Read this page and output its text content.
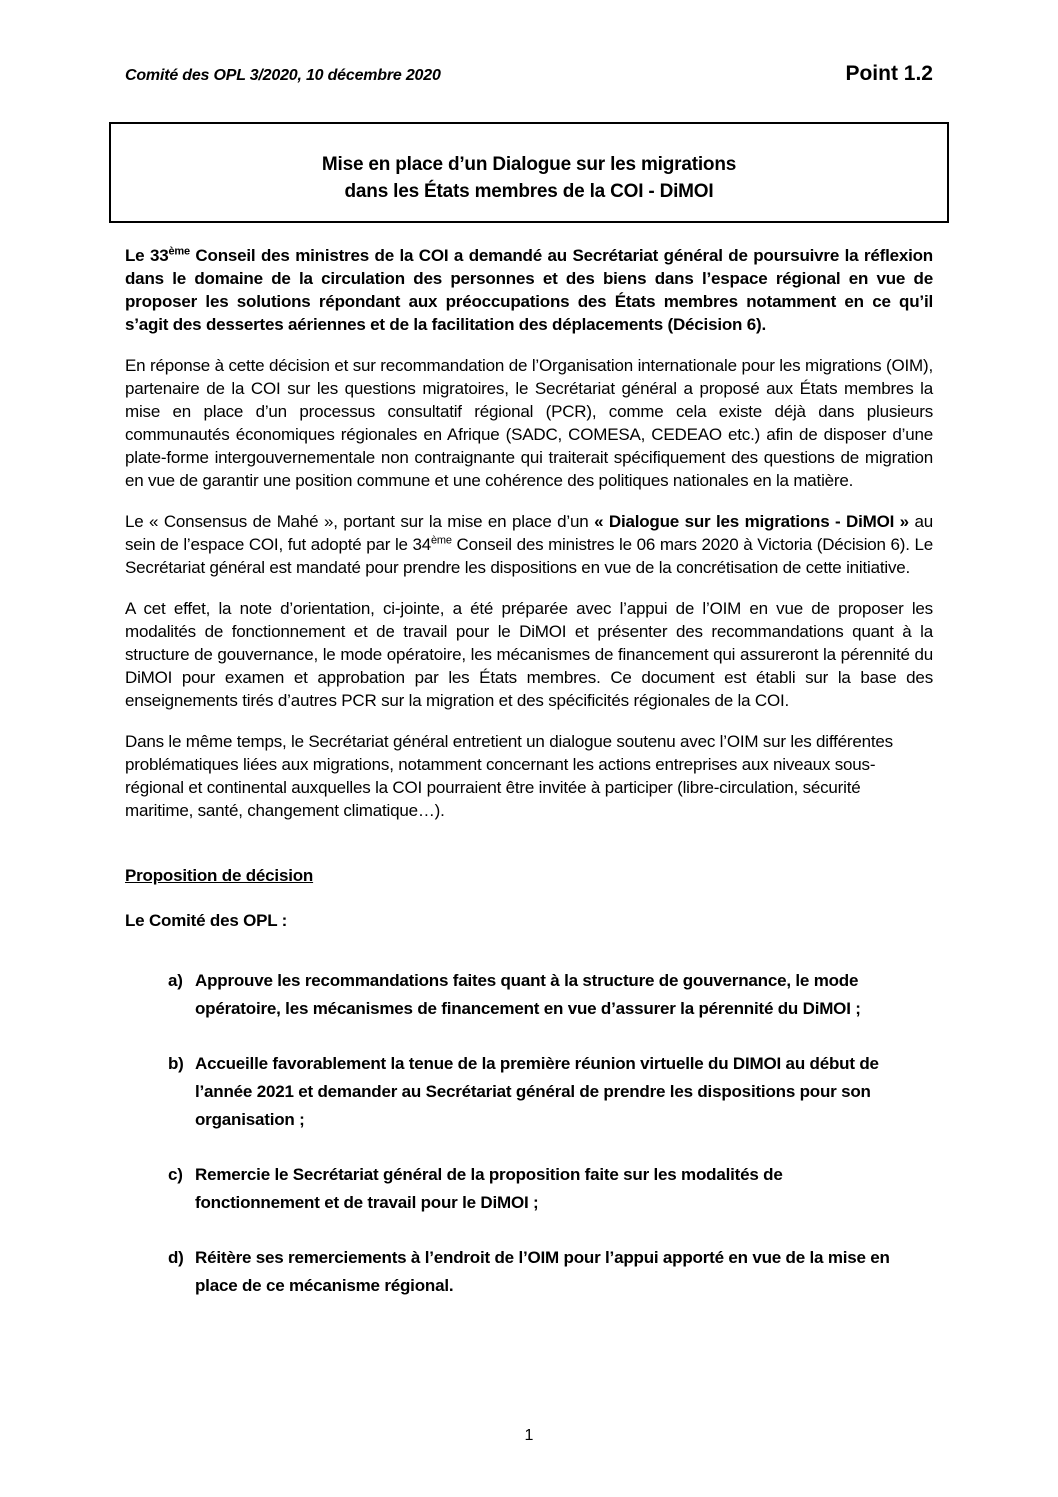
Comité des OPL 3/2020, 10 décembre 2020	Point 1.2
Mise en place d’un Dialogue sur les migrations
dans les États membres de la COI - DiMOI

Le 33ème Conseil des ministres de la COI a demandé au Secrétariat général de poursuivre la réflexion dans le domaine de la circulation des personnes et des biens dans l’espace régional en vue de proposer les solutions répondant aux préoccupations des États membres notamment en ce qu’il s’agit des dessertes aériennes et de la facilitation des déplacements (Décision 6).

En réponse à cette décision et sur recommandation de l’Organisation internationale pour les migrations (OIM), partenaire de la COI sur les questions migratoires, le Secrétariat général a proposé aux États membres la mise en place d’un processus consultatif régional (PCR), comme cela existe déjà dans plusieurs communautés économiques régionales en Afrique (SADC, COMESA, CEDEAO etc.) afin de disposer d’une plate-forme intergouvernementale non contraignante qui traiterait spécifiquement des questions de migration en vue de garantir une position commune et une cohérence des politiques nationales en la matière.

Le « Consensus de Mahé », portant sur la mise en place d’un « Dialogue sur les migrations - DiMOI » au sein de l’espace COI, fut adopté par le 34ème Conseil des ministres le 06 mars 2020 à Victoria (Décision 6). Le Secrétariat général est mandaté pour prendre les dispositions en vue de la concrétisation de cette initiative.

A cet effet, la note d’orientation, ci-jointe, a été préparée avec l’appui de l’OIM en vue de proposer les modalités de fonctionnement et de travail pour le DiMOI et présenter des recommandations quant à la structure de gouvernance, le mode opératoire, les mécanismes de financement qui assureront la pérennité du DiMOI pour examen et approbation par les États membres. Ce document est établi sur la base des enseignements tirés d’autres PCR sur la migration et des spécificités régionales de la COI.

Dans le même temps, le Secrétariat général entretient un dialogue soutenu avec l’OIM sur les différentes problématiques liées aux migrations, notamment concernant les actions entreprises aux niveaux sous-régional et continental auxquelles la COI pourraient être invitée à participer (libre-circulation, sécurité maritime, santé, changement climatique…).

Proposition de décision

Le Comité des OPL :

a) Approuve les recommandations faites quant à la structure de gouvernance, le mode opératoire, les mécanismes de financement en vue d’assurer la pérennité du DiMOI ;
b) Accueille favorablement la tenue de la première réunion virtuelle du DIMOI au début de l’année 2021 et demander au Secrétariat général de prendre les dispositions pour son organisation ;
c) Remercie le Secrétariat général de la proposition faite sur les modalités de fonctionnement et de travail pour le DiMOI ;
d) Réitère ses remerciements à l’endroit de l’OIM pour l’appui apporté en vue de la mise en place de ce mécanisme régional.
1
